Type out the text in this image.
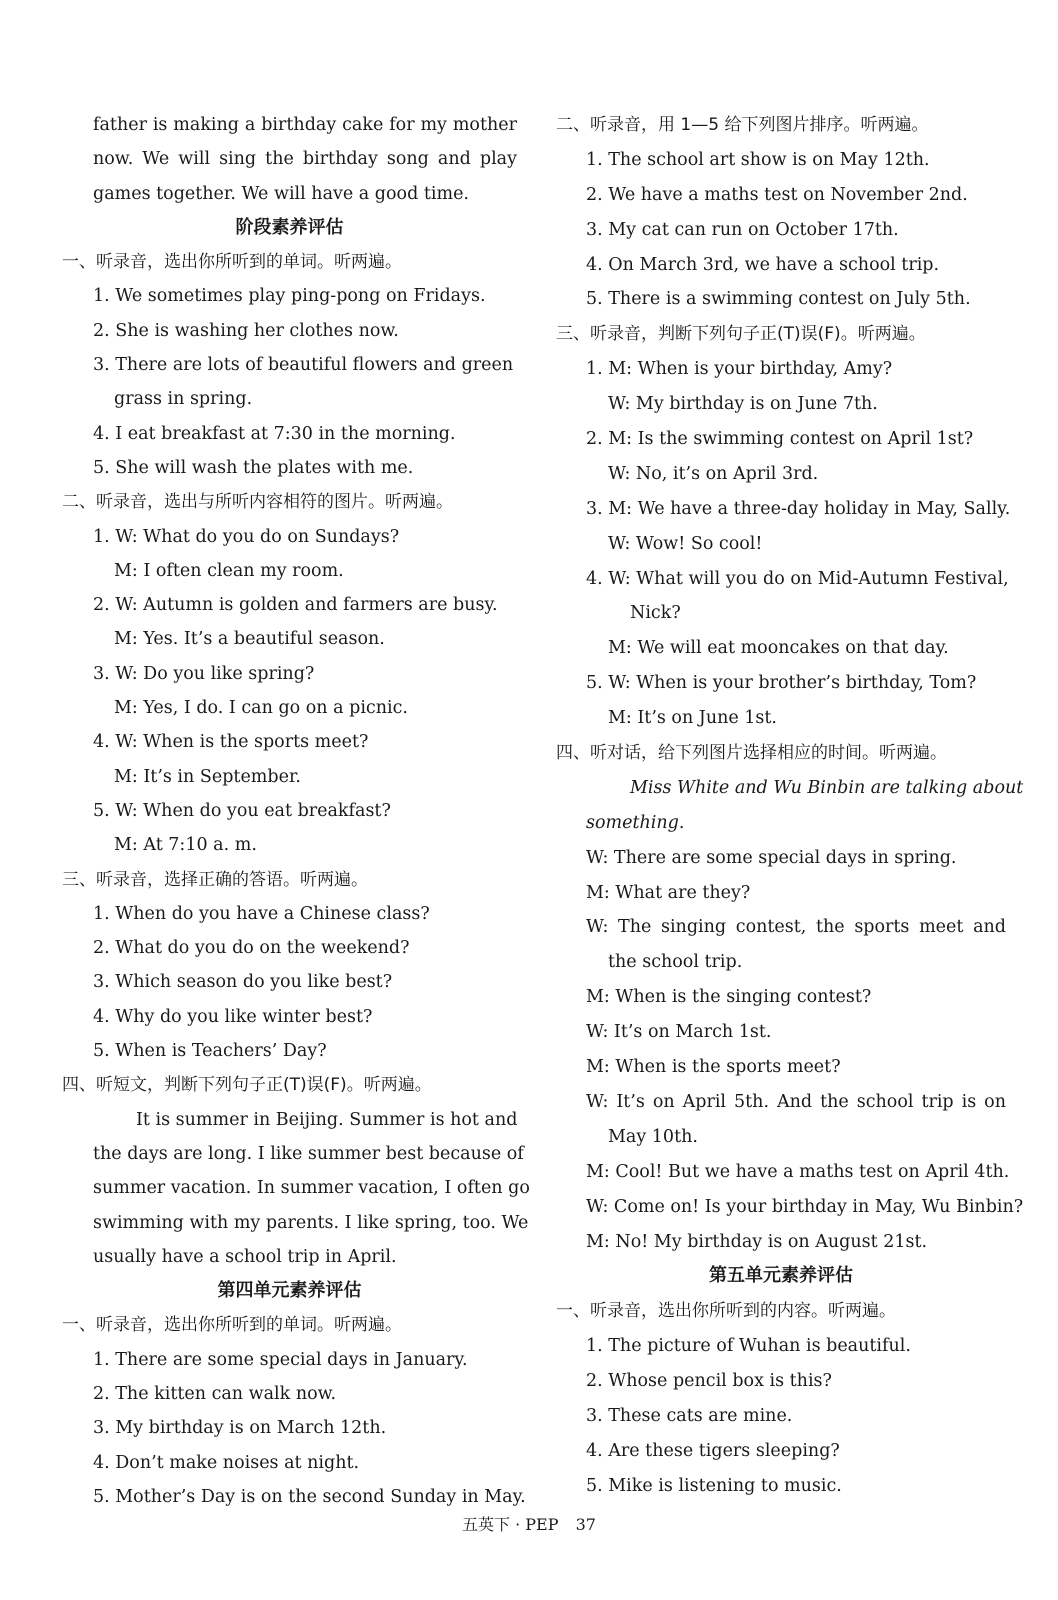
father is making a birthday cake for my mother
now. We will sing the birthday song and play
games together. We will have a good time.
阶段素养评估
一、听录音，选出你所听到的单词。听两遍。
1. We sometimes play ping-pong on Fridays.
2. She is washing her clothes now.
3. There are lots of beautiful flowers and green
grass in spring.
4. I eat breakfast at 7:30 in the morning.
5. She will wash the plates with me.
二、听录音，选出与所听内容相符的图片。听两遍。
1. W: What do you do on Sundays?
M: I often clean my room.
2. W: Autumn is golden and farmers are busy.
M: Yes. It’s a beautiful season.
3. W: Do you like spring?
M: Yes, I do. I can go on a picnic.
4. W: When is the sports meet?
M: It’s in September.
5. W: When do you eat breakfast?
M: At 7:10 a. m.
三、听录音，选择正确的答语。听两遍。
1. When do you have a Chinese class?
2. What do you do on the weekend?
3. Which season do you like best?
4. Why do you like winter best?
5. When is Teachers’ Day?
四、听短文，判断下列句子正(T)误(F)。听两遍。
It is summer in Beijing. Summer is hot and
the days are long. I like summer best because of
summer vacation. In summer vacation, I often go
swimming with my parents. I like spring, too. We
usually have a school trip in April.
第四单元素养评估
一、听录音，选出你所听到的单词。听两遍。
1. There are some special days in January.
2. The kitten can walk now.
3. My birthday is on March 12th.
4. Don’t make noises at night.
5. Mother’s Day is on the second Sunday in May.
二、听录音，用 1—5 给下列图片排序。听两遍。
1. The school art show is on May 12th.
2. We have a maths test on November 2nd.
3. My cat can run on October 17th.
4. On March 3rd, we have a school trip.
5. There is a swimming contest on July 5th.
三、听录音，判断下列句子正(T)误(F)。听两遍。
1. M: When is your birthday, Amy?
W: My birthday is on June 7th.
2. M: Is the swimming contest on April 1st?
W: No, it’s on April 3rd.
3. M: We have a three-day holiday in May, Sally.
W: Wow! So cool!
4. W: What will you do on Mid-Autumn Festival,
Nick?
M: We will eat mooncakes on that day.
5. W: When is your brother’s birthday, Tom?
M: It’s on June 1st.
四、听对话，给下列图片选择相应的时间。听两遍。
Miss White and Wu Binbin are talking about
something.
W: There are some special days in spring.
M: What are they?
W: The singing contest, the sports meet and
the school trip.
M: When is the singing contest?
W: It’s on March 1st.
M: When is the sports meet?
W: It’s on April 5th. And the school trip is on
May 10th.
M: Cool! But we have a maths test on April 4th.
W: Come on! Is your birthday in May, Wu Binbin?
M: No! My birthday is on August 21st.
第五单元素养评估
一、听录音，选出你所听到的内容。听两遍。
1. The picture of Wuhan is beautiful.
2. Whose pencil box is this?
3. These cats are mine.
4. Are these tigers sleeping?
5. Mike is listening to music.
五英下 · PEP 37
